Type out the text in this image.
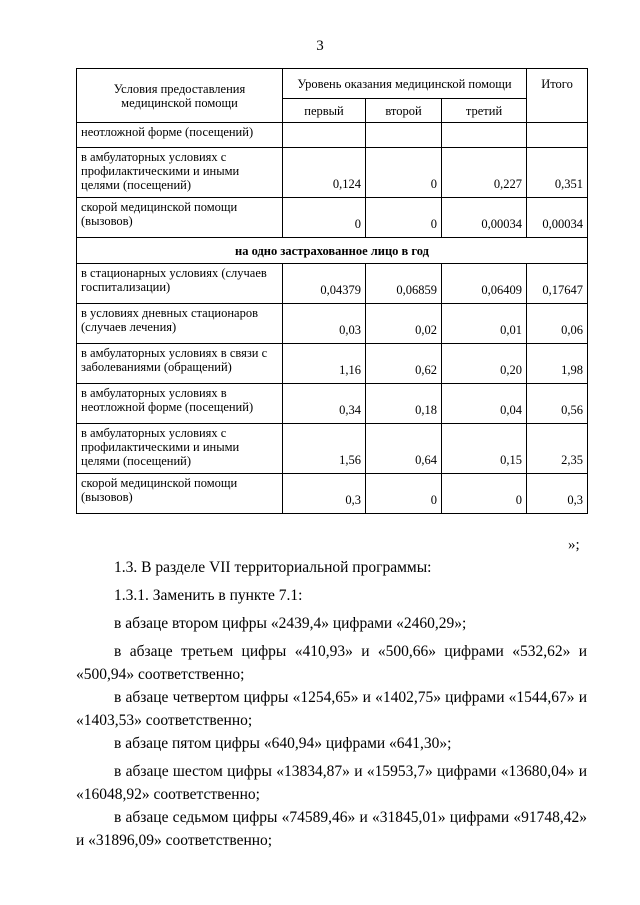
3
Условия предоставления медицинской помощи	Уровень оказания медицинской помощи			Итого
	первый	второй	третий	
неотложной форме (посещений)				
в амбулаторных условиях с профилактическими и иными целями (посещений)	0,124	0	0,227	0,351
скорой медицинской помощи (вызовов)	0	0	0,00034	0,00034
на одно застрахованное лицо в год				
в стационарных условиях (случаев госпитализации)	0,04379	0,06859	0,06409	0,17647
в условиях дневных стационаров (случаев лечения)	0,03	0,02	0,01	0,06
в амбулаторных условиях в связи с заболеваниями (обращений)	1,16	0,62	0,20	1,98
в амбулаторных условиях в неотложной форме (посещений)	0,34	0,18	0,04	0,56
в амбулаторных условиях с профилактическими и иными целями (посещений)	1,56	0,64	0,15	2,35
скорой медицинской помощи (вызовов)	0,3	0	0	0,3
»;

1.3. В разделе VII территориальной программы:

1.3.1. Заменить в пункте 7.1:

в абзаце втором цифры «2439,4» цифрами «2460,29»;

в абзаце третьем цифры «410,93» и «500,66» цифрами «532,62» и «500,94» соответственно;

в абзаце четвертом цифры «1254,65» и «1402,75» цифрами «1544,67» и «1403,53» соответственно;

в абзаце пятом цифры «640,94» цифрами «641,30»;

в абзаце шестом цифры «13834,87» и «15953,7» цифрами «13680,04» и «16048,92» соответственно;

в абзаце седьмом цифры «74589,46» и «31845,01» цифрами «91748,42» и «31896,09» соответственно;
